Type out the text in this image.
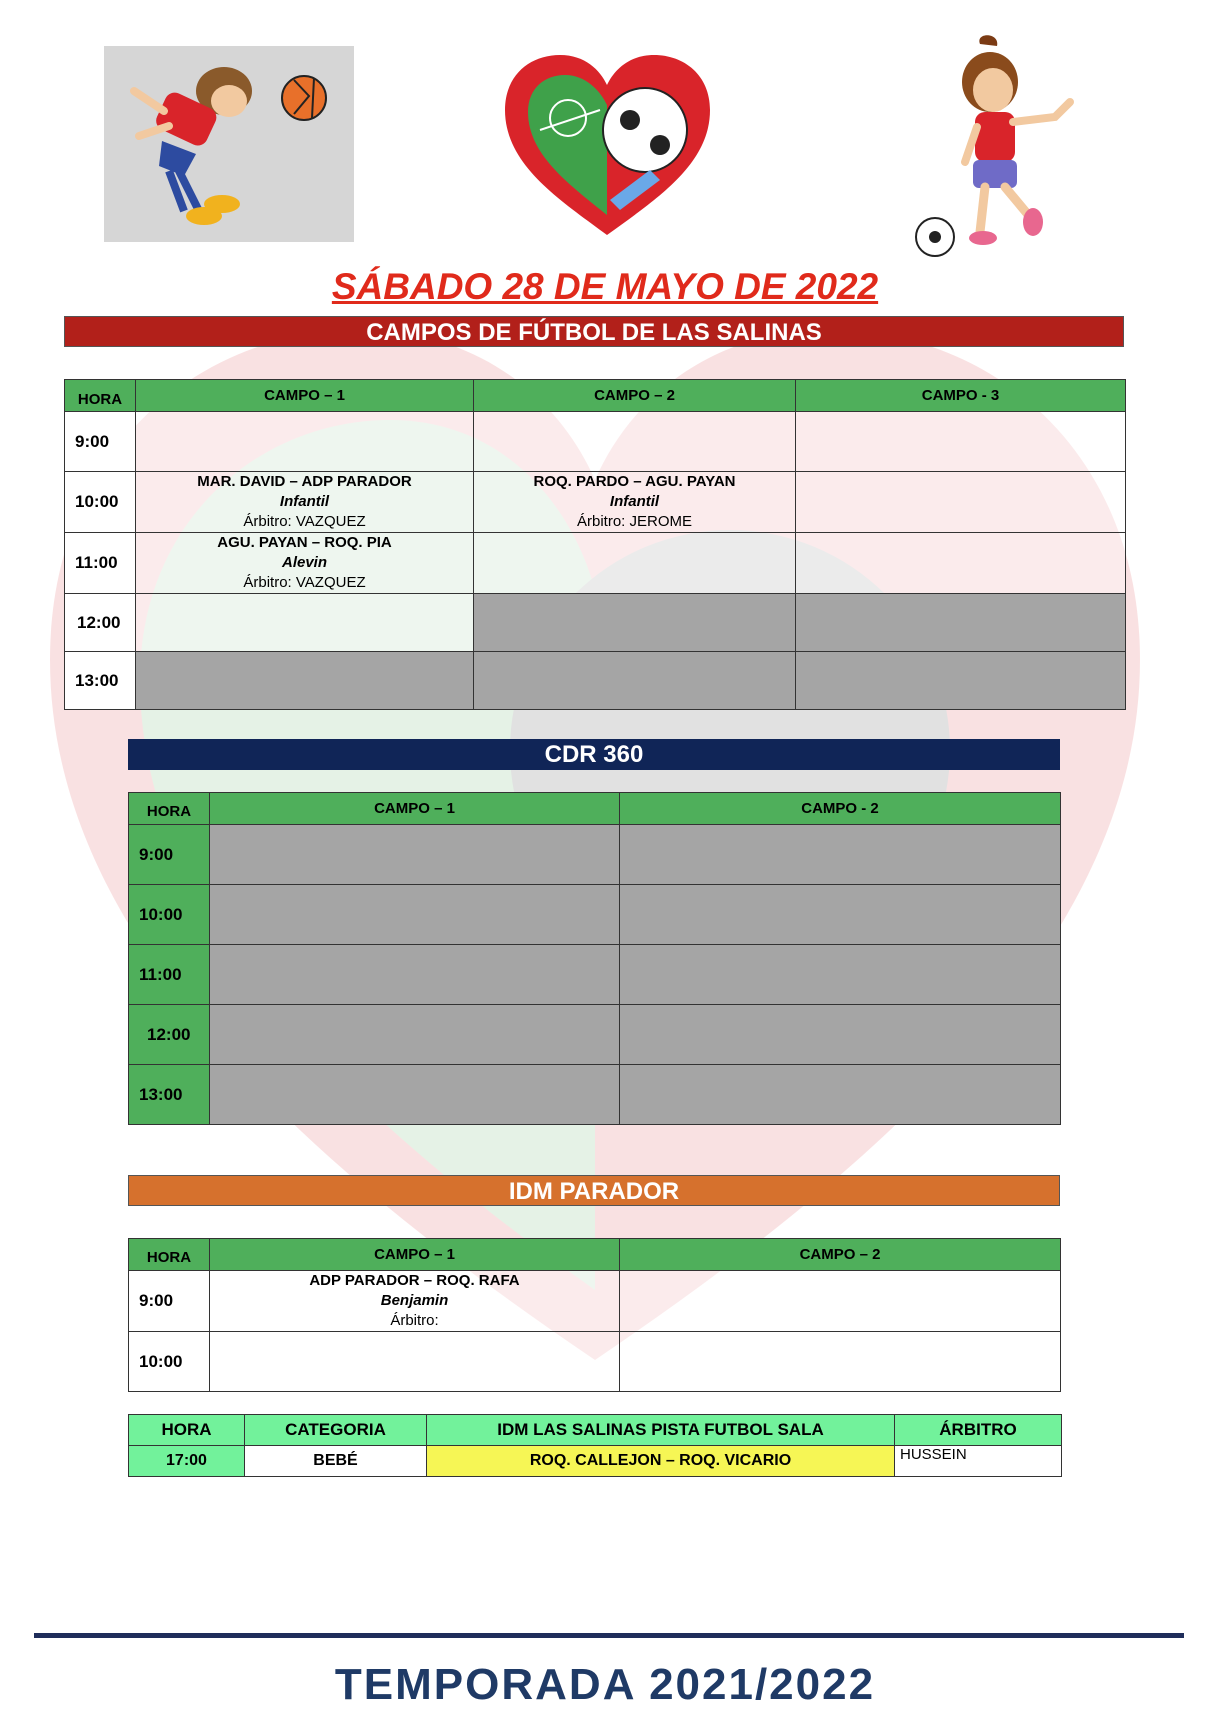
SÁBADO 28 DE MAYO DE 2022
CAMPOS DE FÚTBOL DE LAS SALINAS
HORA	CAMPO – 1	CAMPO – 2	CAMPO - 3
9:00			
10:00	MAR. DAVID – ADP PARADOR
Infantil
Árbitro: VAZQUEZ	ROQ. PARDO – AGU. PAYAN
Infantil
Árbitro: JEROME	

11:00	AGU. PAYAN – ROQ. PIA
Alevin
Árbitro: VAZQUEZ		

12:00			
13:00			
CDR 360
HORA	CAMPO – 1	CAMPO - 2
9:00		
10:00		
11:00		
12:00		
13:00		
IDM PARADOR
HORA	CAMPO – 1	CAMPO – 2
9:00	ADP PARADOR – ROQ. RAFA
Benjamin
Árbitro:	

10:00		
HORA	CATEGORIA	IDM LAS SALINAS PISTA FUTBOL SALA	ÁRBITRO
17:00	BEBÉ	ROQ. CALLEJON – ROQ. VICARIO	HUSSEIN
TEMPORADA 2021/2022
